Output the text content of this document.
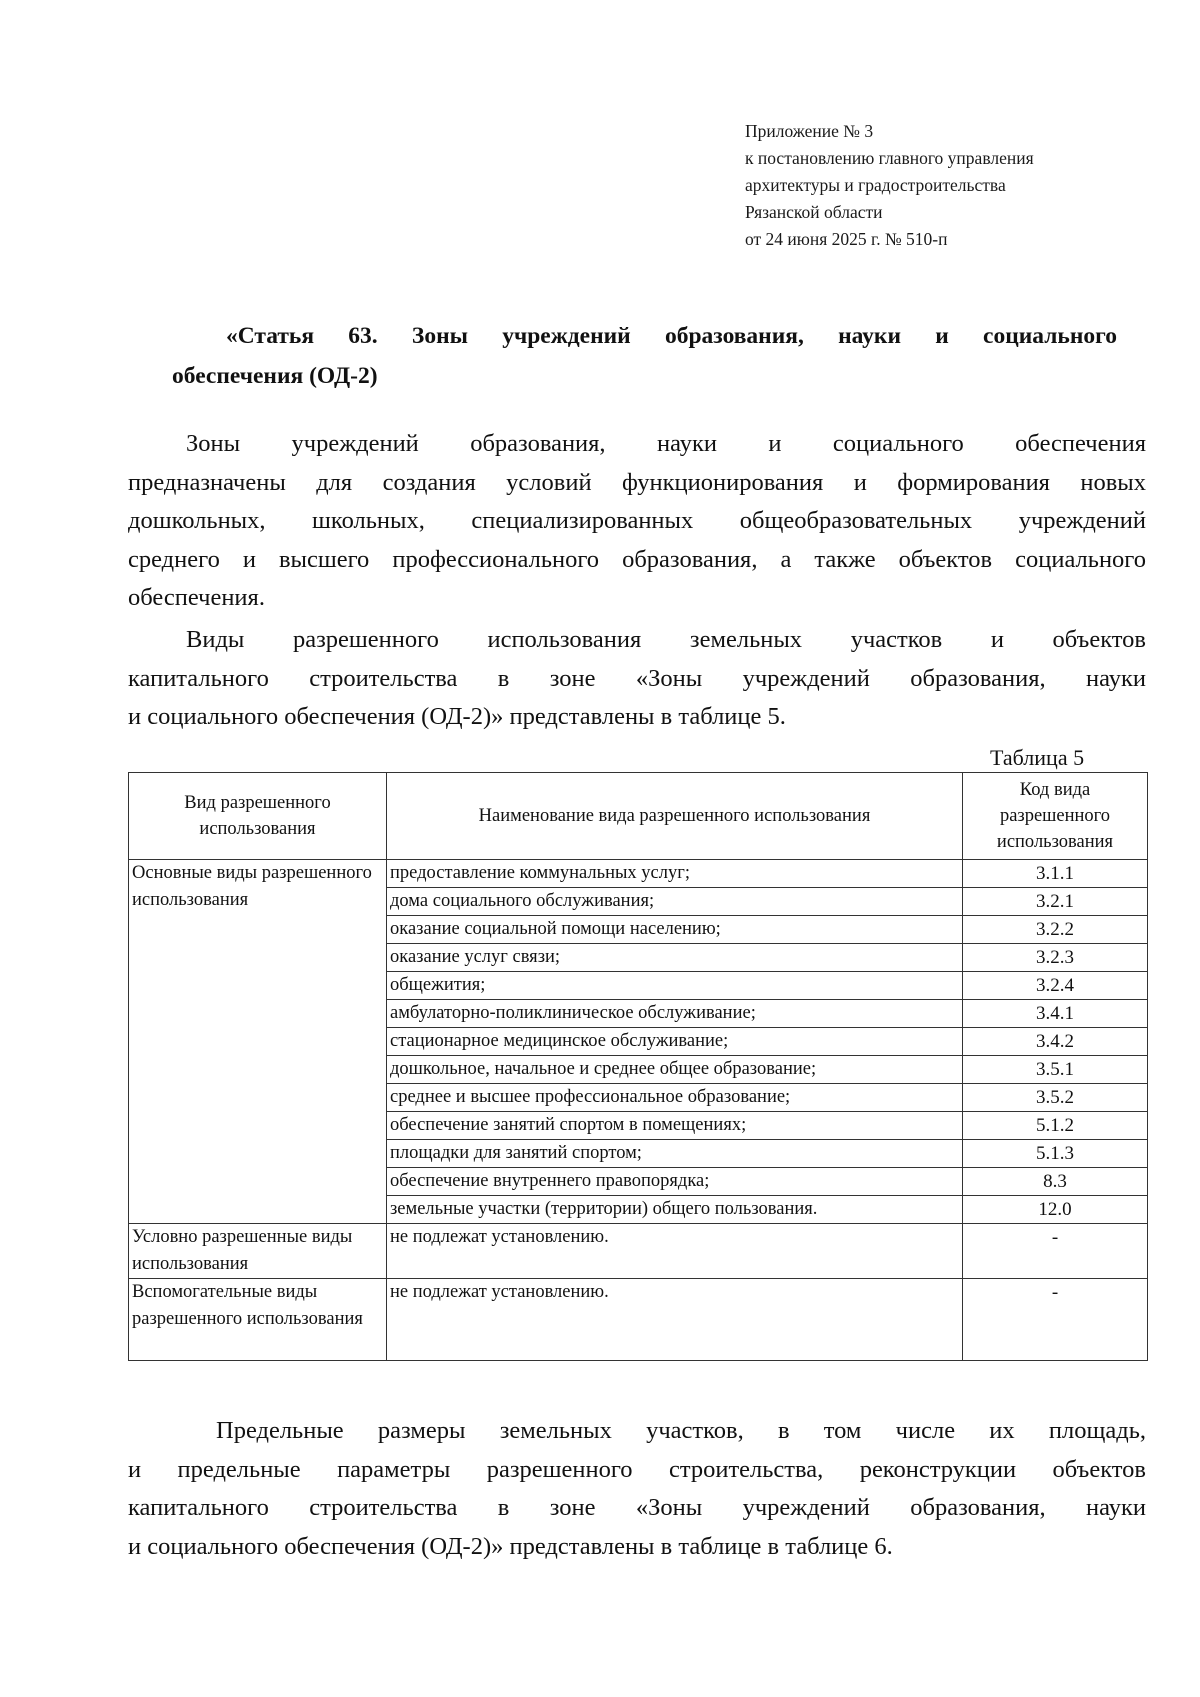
Приложение № 3
к постановлению главного управления
архитектуры и градостроительства
Рязанской области
от 24 июня 2025 г. № 510-п
«Статья 63. Зоны учреждений образования, науки и социального
обеспечения (ОД-2)

Зоны учреждений образования, науки и социального обеспечения
предназначены для создания условий функционирования и формирования новых
дошкольных, школьных, специализированных общеобразовательных учреждений
среднего и высшего профессионального образования, а также объектов социального
обеспечения.

Виды разрешенного использования земельных участков и объектов
капитального строительства в зоне «Зоны учреждений образования, науки
и социального обеспечения (ОД-2)» представлены в таблице 5.

Таблица 5
Вид разрешенного использования	Наименование вида разрешенного использования	Код вида разрешенного использования
Основные виды разрешенного использования	предоставление коммунальных услуг;	3.1.1
	дома социального обслуживания;	3.2.1
	оказание социальной помощи населению;	3.2.2
	оказание услуг связи;	3.2.3
	общежития;	3.2.4
	амбулаторно-поликлиническое обслуживание;	3.4.1
	стационарное медицинское обслуживание;	3.4.2
	дошкольное, начальное и среднее общее образование;	3.5.1
	среднее и высшее профессиональное образование;	3.5.2
	обеспечение занятий спортом в помещениях;	5.1.2
	площадки для занятий спортом;	5.1.3
	обеспечение внутреннего правопорядка;	8.3
	земельные участки (территории) общего пользования.	12.0
Условно разрешенные виды использования	не подлежат установлению.	-
Вспомогательные виды разрешенного использования	не подлежат установлению.	-

Предельные размеры земельных участков, в том числе их площадь,
и предельные параметры разрешенного строительства, реконструкции объектов
капитального строительства в зоне «Зоны учреждений образования, науки
и социального обеспечения (ОД-2)» представлены в таблице в таблице 6.
